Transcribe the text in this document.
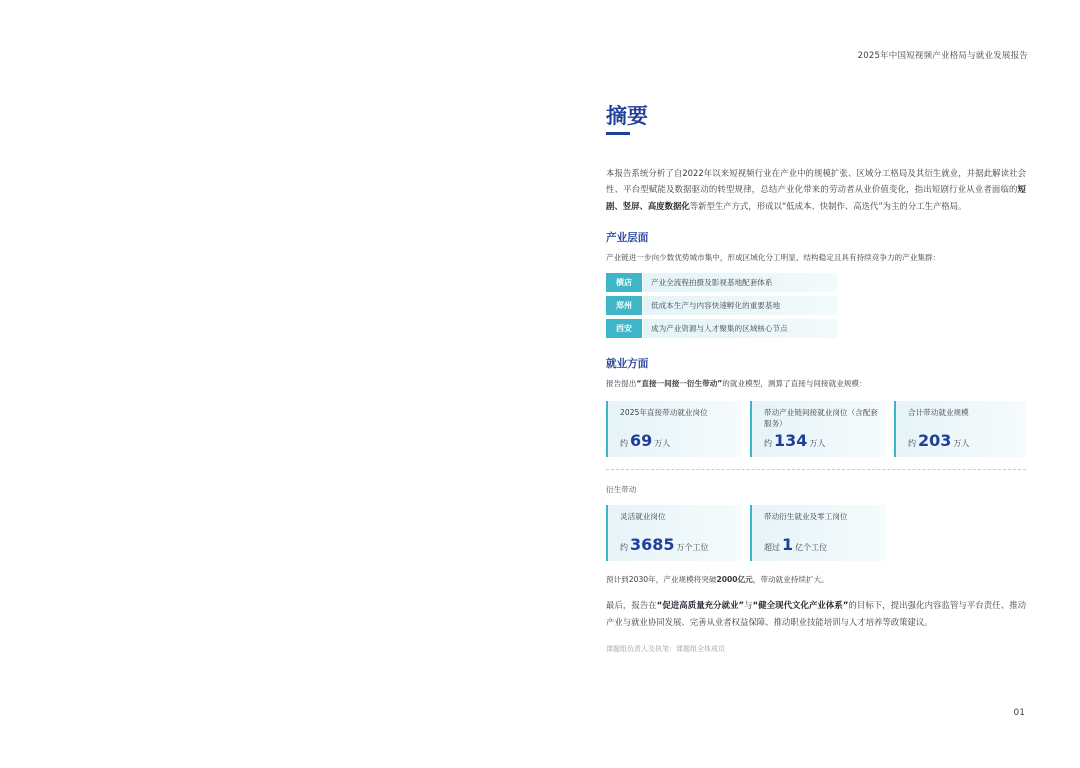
2025年中国短视频产业格局与就业发展报告
摘要

本报告系统分析了自2022年以来短视频行业在产业中的规模扩张、区域分工格局及其衍生就业，并据此解读社会性、平台型赋能及数据驱动的转型规律，总结产业化带来的劳动者从业价值变化，指出短剧行业从业者面临的短剧、竖屏、高度数据化等新型生产方式，形成以“低成本、快制作、高迭代”为主的分工生产格局。

产业层面
产业链进一步向少数优势城市集中，形成区域化分工明显、结构稳定且具有持续竞争力的产业集群：
横店	产业全流程拍摄及影视基地配套体系
郑州	低成本生产与内容快速孵化的重要基地
西安	成为产业资源与人才聚集的区域核心节点
就业方面
报告提出“直接一间接一衍生带动”的就业模型，测算了直接与间接就业规模：
2025年直接带动就业岗位
约 69 万人
带动产业链间接就业岗位（含配套服务）
约 134 万人
合计带动就业规模
约 203 万人
衍生带动
灵活就业岗位
约 3685 万个工位
带动衍生就业及零工岗位
超过 1 亿个工位
预计到2030年，产业规模将突破2000亿元，带动就业持续扩大。

最后，报告在“促进高质量充分就业”与“健全现代文化产业体系”的目标下，提出强化内容监管与平台责任、推动产业与就业协同发展、完善从业者权益保障、推动职业技能培训与人才培养等政策建议。

课题组负责人及执笔：课题组全体成员
01
